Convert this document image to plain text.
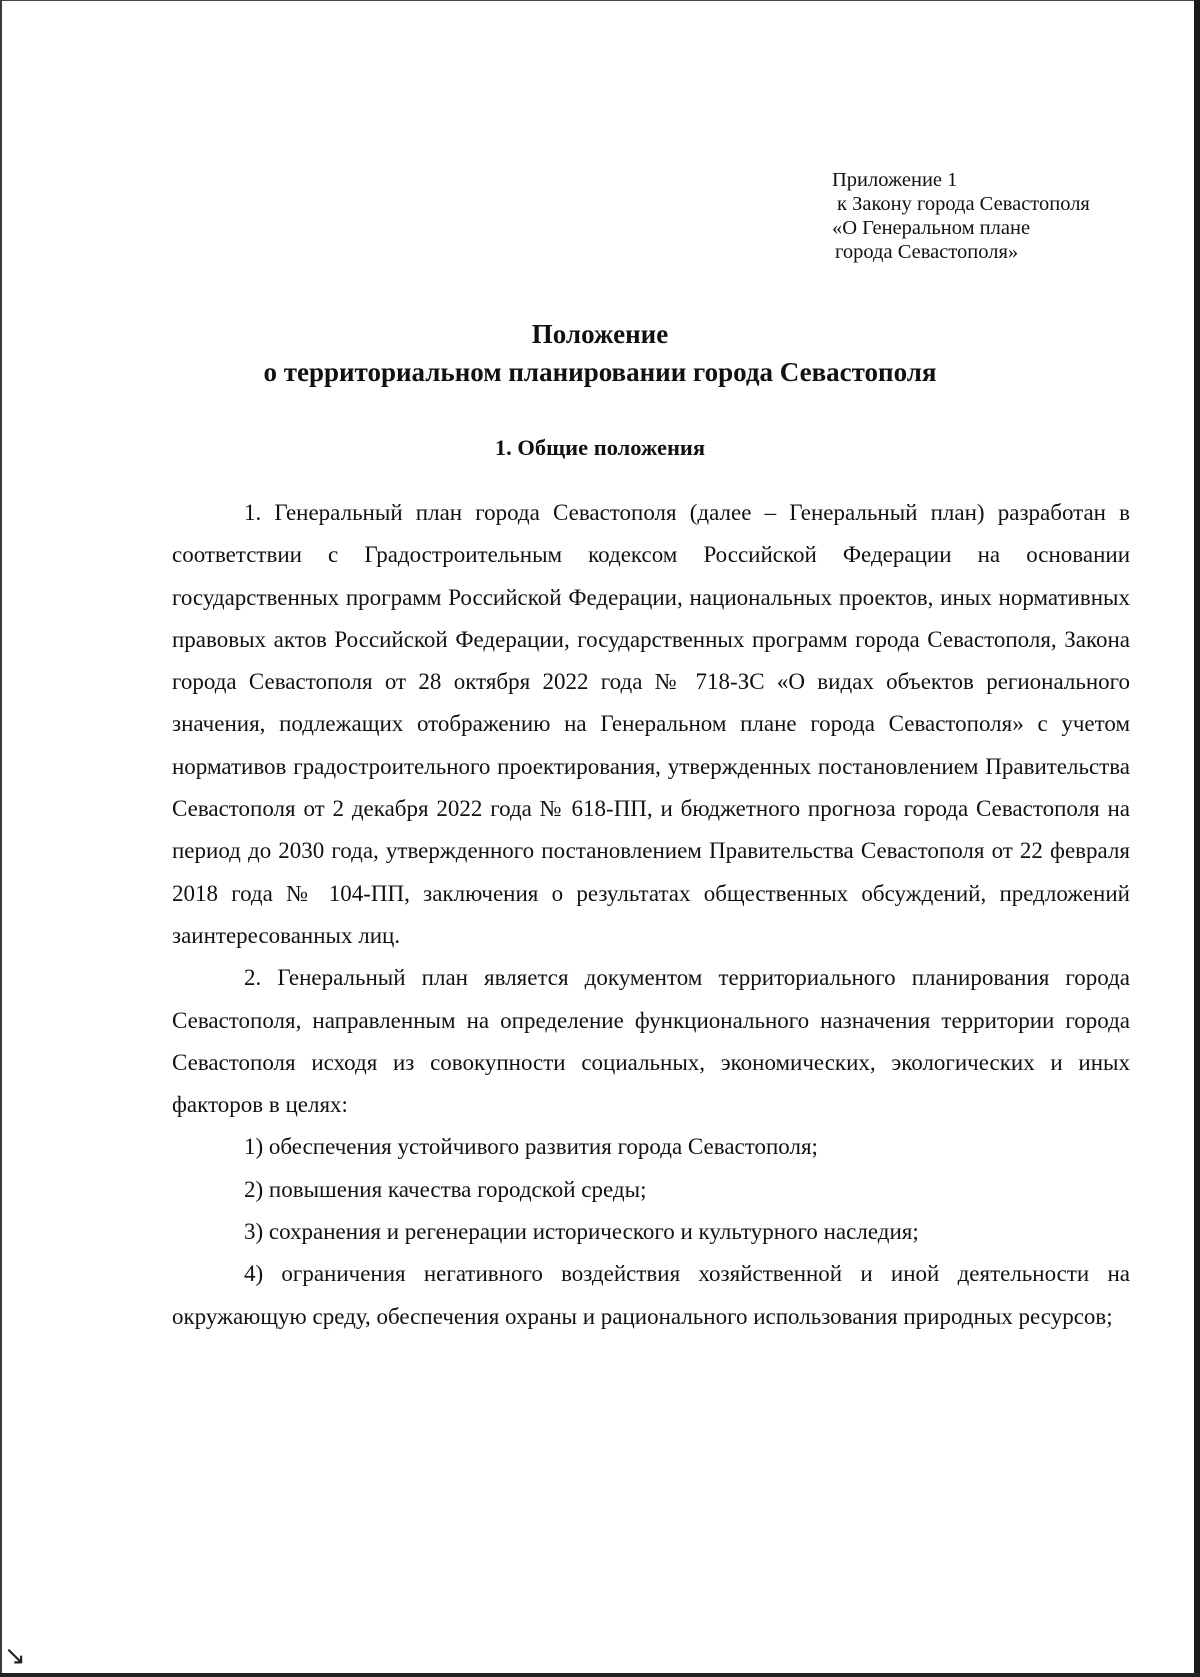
↘
Приложение 1
к Закону города Севастополя
«О Генеральном плане
города Севастополя»
Положение
о территориальном планировании города Севастополя
1. Общие положения

1. Генеральный план города Севастополя (далее – Генеральный план) разработан в соответствии с Градостроительным кодексом Российской Федерации на основании государственных программ Российской Федерации, национальных проектов, иных нормативных правовых актов Российской Федерации, государственных программ города Севастополя, Закона города Севастополя от 28 октября 2022 года № 718-ЗС «О видах объектов регионального значения, подлежащих отображению на Генеральном плане города Севастополя» с учетом нормативов градостроительного проектирования, утвержденных постановлением Правительства Севастополя от 2 декабря 2022 года № 618-ПП, и бюджетного прогноза города Севастополя на период до 2030 года, утвержденного постановлением Правительства Севастополя от 22 февраля 2018 года № 104-ПП, заключения о результатах общественных обсуждений, предложений заинтересованных лиц.

2. Генеральный план является документом территориального планирования города Севастополя, направленным на определение функционального назначения территории города Севастополя исходя из совокупности социальных, экономических, экологических и иных факторов в целях:

1) обеспечения устойчивого развития города Севастополя;

2) повышения качества городской среды;

3) сохранения и регенерации исторического и культурного наследия;

4) ограничения негативного воздействия хозяйственной и иной деятельности на окружающую среду, обеспечения охраны и рационального использования природных ресурсов;
